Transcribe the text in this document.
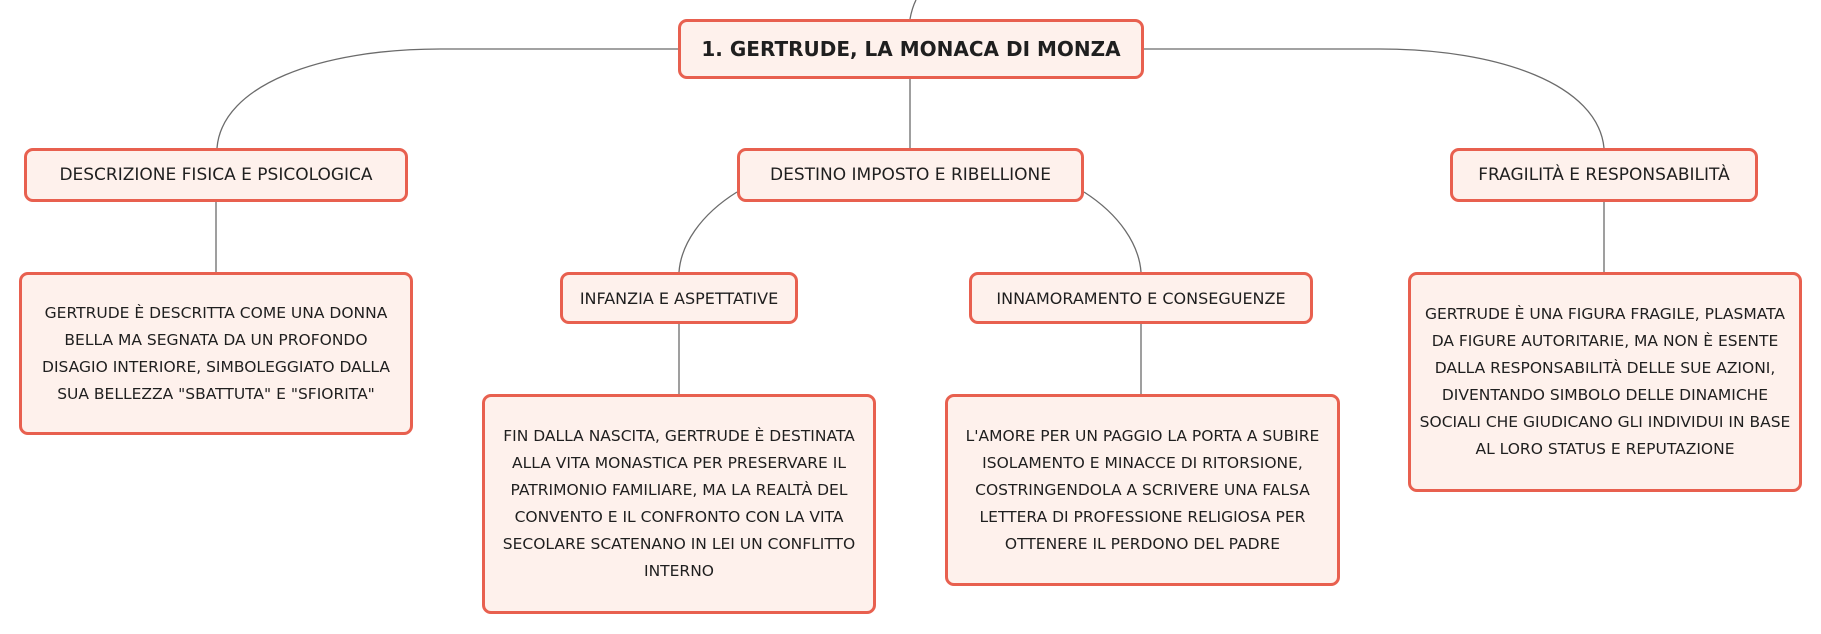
1. GERTRUDE, LA MONACA DI MONZA
DESCRIZIONE FISICA E PSICOLOGICA	DESTINO IMPOSTO E RIBELLIONE	FRAGILITÀ E RESPONSABILITÀ
INFANZIA E ASPETTATIVE	INNAMORAMENTO E CONSEGUENZE
GERTRUDE È DESCRITTA COME UNA DONNA BELLA MA SEGNATA DA UN PROFONDO DISAGIO INTERIORE, SIMBOLEGGIATO DALLA SUA BELLEZZA "SBATTUTA" E "SFIORITA"
FIN DALLA NASCITA, GERTRUDE È DESTINATA ALLA VITA MONASTICA PER PRESERVARE IL PATRIMONIO FAMILIARE, MA LA REALTÀ DEL CONVENTO E IL CONFRONTO CON LA VITA SECOLARE SCATENANO IN LEI UN CONFLITTO INTERNO
L'AMORE PER UN PAGGIO LA PORTA A SUBIRE ISOLAMENTO E MINACCE DI RITORSIONE, COSTRINGENDOLA A SCRIVERE UNA FALSA LETTERA DI PROFESSIONE RELIGIOSA PER OTTENERE IL PERDONO DEL PADRE
GERTRUDE È UNA FIGURA FRAGILE, PLASMATA DA FIGURE AUTORITARIE, MA NON È ESENTE DALLA RESPONSABILITÀ DELLE SUE AZIONI, DIVENTANDO SIMBOLO DELLE DINAMICHE SOCIALI CHE GIUDICANO GLI INDIVIDUI IN BASE AL LORO STATUS E REPUTAZIONE
